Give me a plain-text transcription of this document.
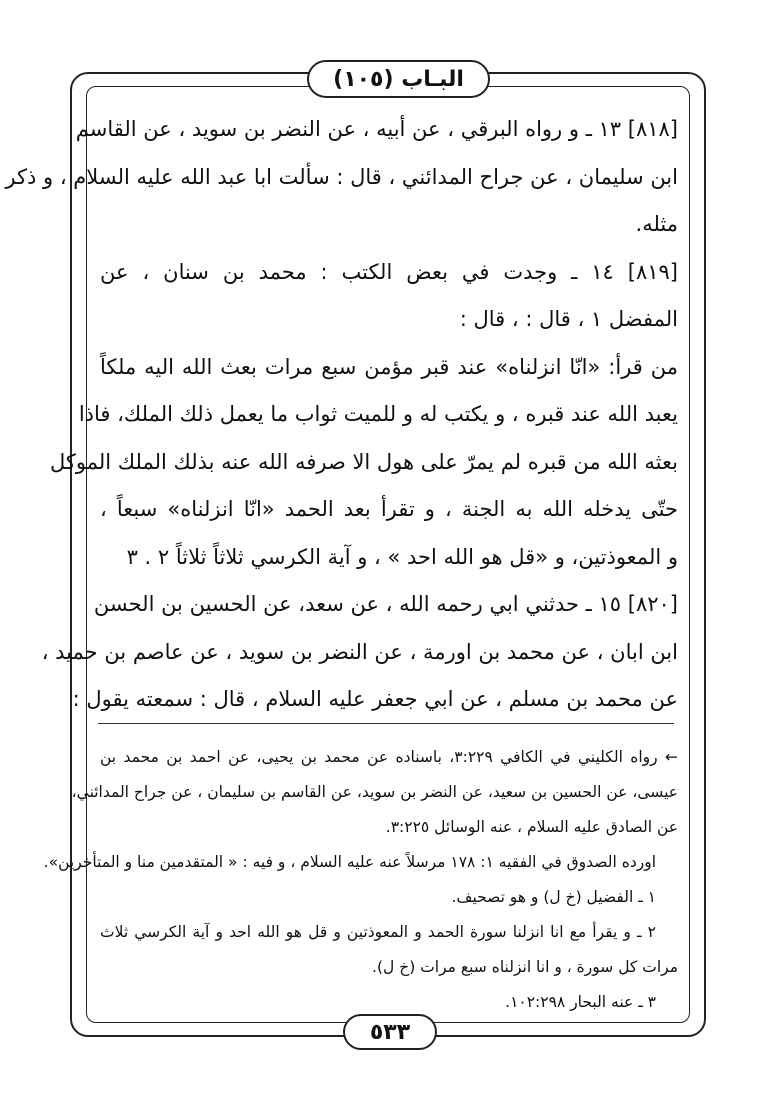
البـاب (١٠٥)
[٨١٨] ١٣ ـ و رواه البرقي ، عن أبيه ، عن النضر بن سويد ، عن القاسم
ابن سليمان ، عن جراح المدائني ، قال : سألت ابا عبد الله عليه السلام ، و ذكر
مثله.
[٨١٩] ١٤ ـ وجدت في بعض الكتب : محمد بن سنان ، عن
المفضل ١ ، قال : ، قال :
من قرأ: «انّا انزلناه» عند قبر مؤمن سبع مرات بعث الله اليه ملكاً
يعبد الله عند قبره ، و يكتب له و للميت ثواب ما يعمل ذلك الملك، فاذا
بعثه الله من قبره لم يمرّ على هول الا صرفه الله عنه بذلك الملك الموكل
حتّى يدخله الله به الجنة ، و تقرأ بعد الحمد «انّا انزلناه» سبعاً ،
و المعوذتين، و «قل هو الله احد » ، و آية الكرسي ثلاثاً ثلاثاً ٢ . ٣
[٨٢٠] ١٥ ـ حدثني ابي رحمه الله ، عن سعد، عن الحسين بن الحسن
ابن ابان ، عن محمد بن اورمة ، عن النضر بن سويد ، عن عاصم بن حميد ،
عن محمد بن مسلم ، عن ابي جعفر عليه السلام ، قال : سمعته يقول :
← رواه الكليني في الكافي ٣:٢٢٩، باسناده عن محمد بن يحيى، عن احمد بن محمد بن
عيسى، عن الحسين بن سعيد، عن النضر بن سويد، عن القاسم بن سليمان ، عن جراح المدائني،
عن الصادق عليه السلام ، عنه الوسائل ٣:٢٢٥.
اورده الصدوق في الفقيه ١: ١٧٨ مرسلاً عنه عليه السلام ، و فيه : « المتقدمين منا و المتأخرين».
١ ـ الفضيل (خ ل) و هو تصحيف.
٢ ـ و يقرأ مع انا انزلنا سورة الحمد و المعوذتين و قل هو الله احد و آية الكرسي ثلاث
مرات كل سورة ، و انا انزلناه سبع مرات (خ ل).
٣ ـ عنه البحار ١٠٢:٢٩٨.
٥٣٣
